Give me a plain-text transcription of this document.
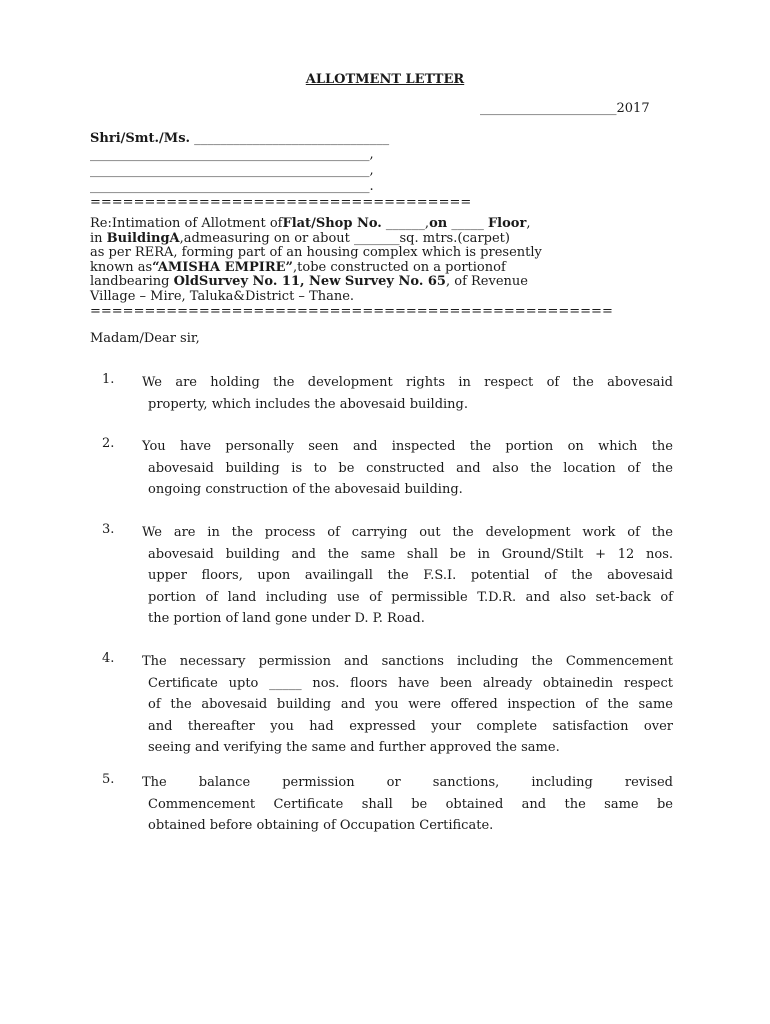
ALLOTMENT LETTER
_____________________2017
Shri/Smt./Ms. ______________________________
___________________________________________,
___________________________________________,
___________________________________________.
===================================
Re:Intimation of Allotment ofFlat/Shop No. ______,on _____ Floor,
in BuildingA,admeasuring on or about _______sq. mtrs.(carpet)
as per RERA, forming part of an housing complex which is presently
known as“AMISHA EMPIRE”,tobe constructed on a portionof
landbearing OldSurvey No. 11, New Survey No. 65, of Revenue
Village – Mire, Taluka&District – Thane.
================================================
Madam/Dear sir,
1. We are holding the development rights in respect of the abovesaid
property, which includes the abovesaid building.
2. You have personally seen and inspected the portion on which the
abovesaid building is to be constructed and also the location of the
ongoing construction of the abovesaid building.
3. We are in the process of carrying out the development work of the
abovesaid building and the same shall be in Ground/Stilt + 12 nos.
upper floors, upon availingall the F.S.I. potential of the abovesaid
portion of land including use of permissible T.D.R. and also set-back of
the portion of land gone under D. P. Road.
4. The necessary permission and sanctions including the Commencement
Certificate upto _____ nos. floors have been already obtainedin respect
of the abovesaid building and you were offered inspection of the same
and thereafter you had expressed your complete satisfaction over
seeing and verifying the same and further approved the same.
5. The balance permission or sanctions, including revised
Commencement Certificate shall be obtained and the same be
obtained before obtaining of Occupation Certificate.
